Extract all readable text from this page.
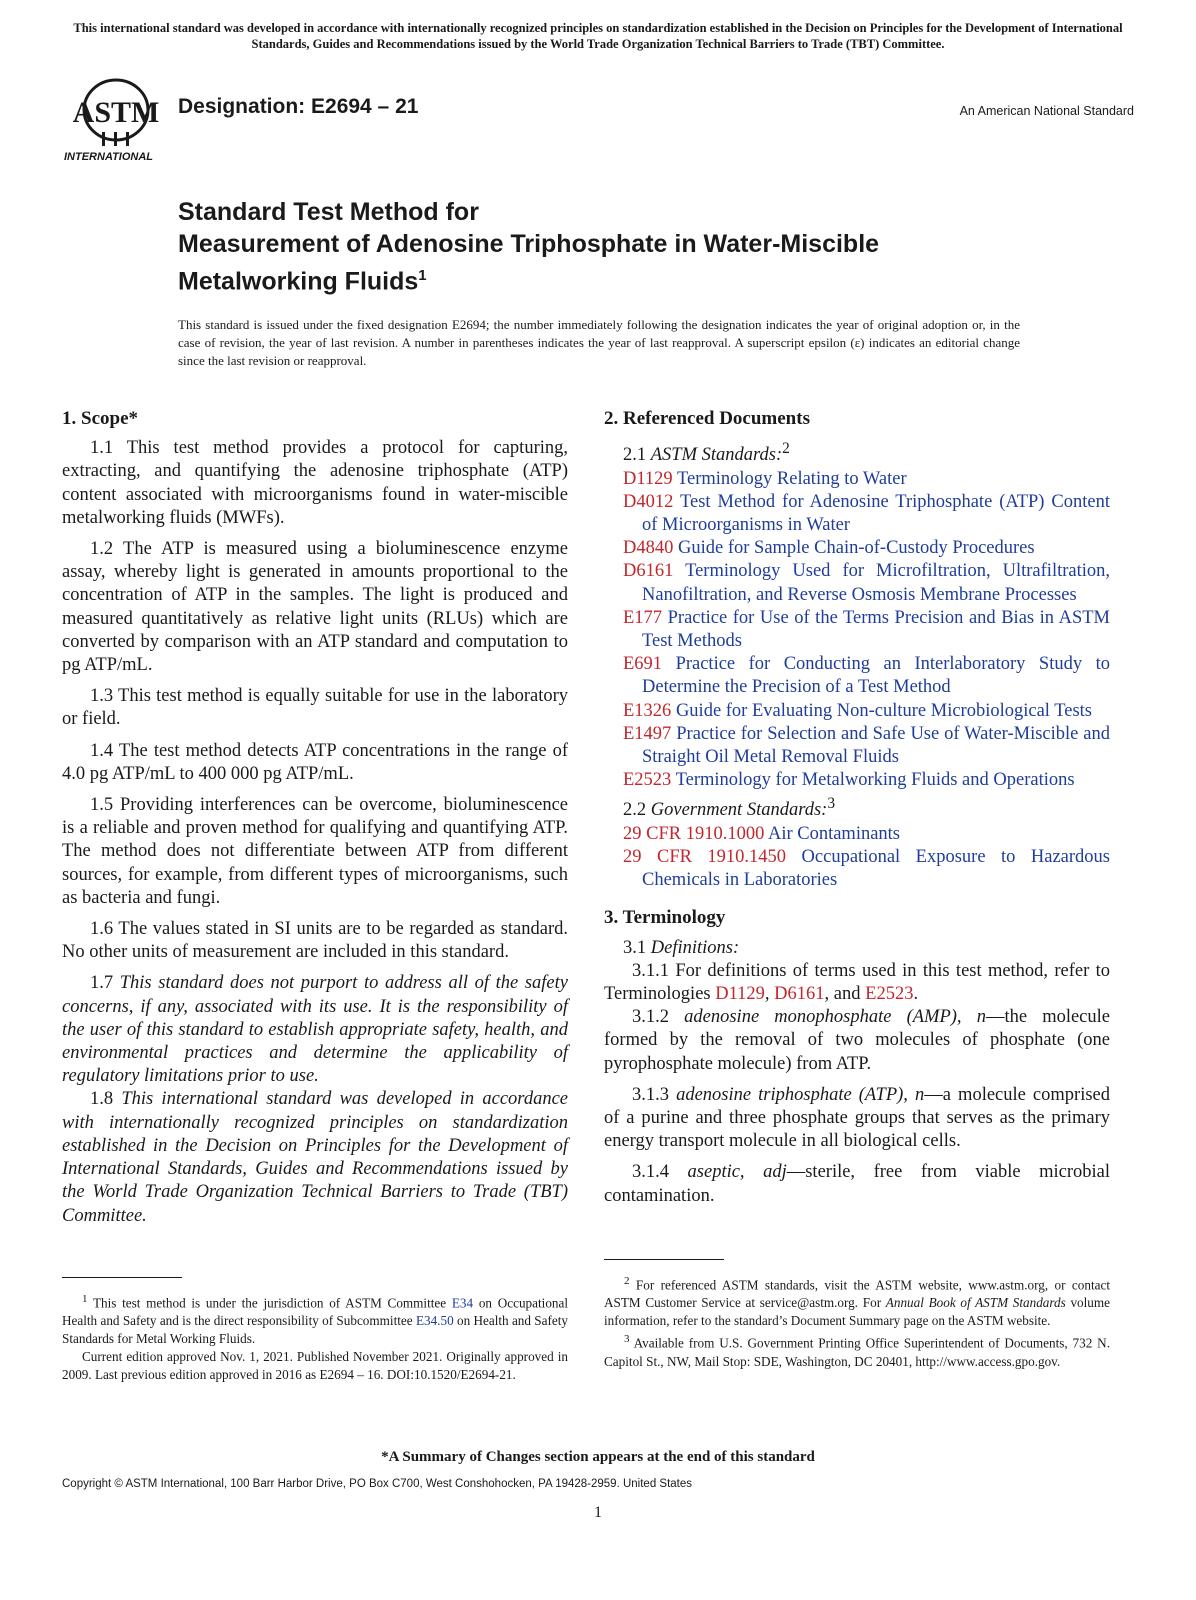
This international standard was developed in accordance with internationally recognized principles on standardization established in the Decision on Principles for the Development of International Standards, Guides and Recommendations issued by the World Trade Organization Technical Barriers to Trade (TBT) Committee.
ASTM
INTERNATIONAL
Designation: E2694 – 21	An American National Standard
Standard Test Method for
Measurement of Adenosine Triphosphate in Water-Miscible
Metalworking Fluids$^1$
This standard is issued under the fixed designation E2694; the number immediately following the designation indicates the year of original adoption or, in the case of revision, the year of last revision. A number in parentheses indicates the year of last reapproval. A superscript epsilon (ε) indicates an editorial change since the last revision or reapproval.
1. Scope*

1.1 This test method provides a protocol for capturing, extracting, and quantifying the adenosine triphosphate (ATP) content associated with microorganisms found in water-miscible metalworking fluids (MWFs).

1.2 The ATP is measured using a bioluminescence enzyme assay, whereby light is generated in amounts proportional to the concentration of ATP in the samples. The light is produced and measured quantitatively as relative light units (RLUs) which are converted by comparison with an ATP standard and computation to pg ATP/mL.

1.3 This test method is equally suitable for use in the laboratory or field.

1.4 The test method detects ATP concentrations in the range of 4.0 pg ATP/mL to 400 000 pg ATP/mL.

1.5 Providing interferences can be overcome, bioluminescence is a reliable and proven method for qualifying and quantifying ATP. The method does not differentiate between ATP from different sources, for example, from different types of microorganisms, such as bacteria and fungi.

1.6 The values stated in SI units are to be regarded as standard. No other units of measurement are included in this standard.

1.7 This standard does not purport to address all of the safety concerns, if any, associated with its use. It is the responsibility of the user of this standard to establish appropriate safety, health, and environmental practices and determine the applicability of regulatory limitations prior to use.

1.8 This international standard was developed in accordance with internationally recognized principles on standardization established in the Decision on Principles for the Development of International Standards, Guides and Recommendations issued by the World Trade Organization Technical Barriers to Trade (TBT) Committee.

2. Referenced Documents
2.1 ASTM Standards:$^2$
D1129 Terminology Relating to Water
D4012 Test Method for Adenosine Triphosphate (ATP) Content of Microorganisms in Water
D4840 Guide for Sample Chain-of-Custody Procedures
D6161 Terminology Used for Microfiltration, Ultrafiltration, Nanofiltration, and Reverse Osmosis Membrane Processes
E177 Practice for Use of the Terms Precision and Bias in ASTM Test Methods
E691 Practice for Conducting an Interlaboratory Study to Determine the Precision of a Test Method
E1326 Guide for Evaluating Non-culture Microbiological Tests
E1497 Practice for Selection and Safe Use of Water-Miscible and Straight Oil Metal Removal Fluids
E2523 Terminology for Metalworking Fluids and Operations
2.2 Government Standards:$^3$
29 CFR 1910.1000 Air Contaminants
29 CFR 1910.1450 Occupational Exposure to Hazardous Chemicals in Laboratories
3. Terminology
3.1 Definitions:

3.1.1 For definitions of terms used in this test method, refer to Terminologies D1129, D6161, and E2523.

3.1.2 adenosine monophosphate (AMP), n—the molecule formed by the removal of two molecules of phosphate (one pyrophosphate molecule) from ATP.

3.1.3 adenosine triphosphate (ATP), n—a molecule comprised of a purine and three phosphate groups that serves as the primary energy transport molecule in all biological cells.

3.1.4 aseptic, adj—sterile, free from viable microbial contamination.

$^1$ This test method is under the jurisdiction of ASTM Committee E34 on Occupational Health and Safety and is the direct responsibility of Subcommittee E34.50 on Health and Safety Standards for Metal Working Fluids.

Current edition approved Nov. 1, 2021. Published November 2021. Originally approved in 2009. Last previous edition approved in 2016 as E2694 – 16. DOI:10.1520/E2694-21.

$^2$ For referenced ASTM standards, visit the ASTM website, www.astm.org, or contact ASTM Customer Service at service@astm.org. For Annual Book of ASTM Standards volume information, refer to the standard’s Document Summary page on the ASTM website.

$^3$ Available from U.S. Government Printing Office Superintendent of Documents, 732 N. Capitol St., NW, Mail Stop: SDE, Washington, DC 20401, http://www.access.gpo.gov.

*A Summary of Changes section appears at the end of this standard
Copyright © ASTM International, 100 Barr Harbor Drive, PO Box C700, West Conshohocken, PA 19428-2959. United States
1
